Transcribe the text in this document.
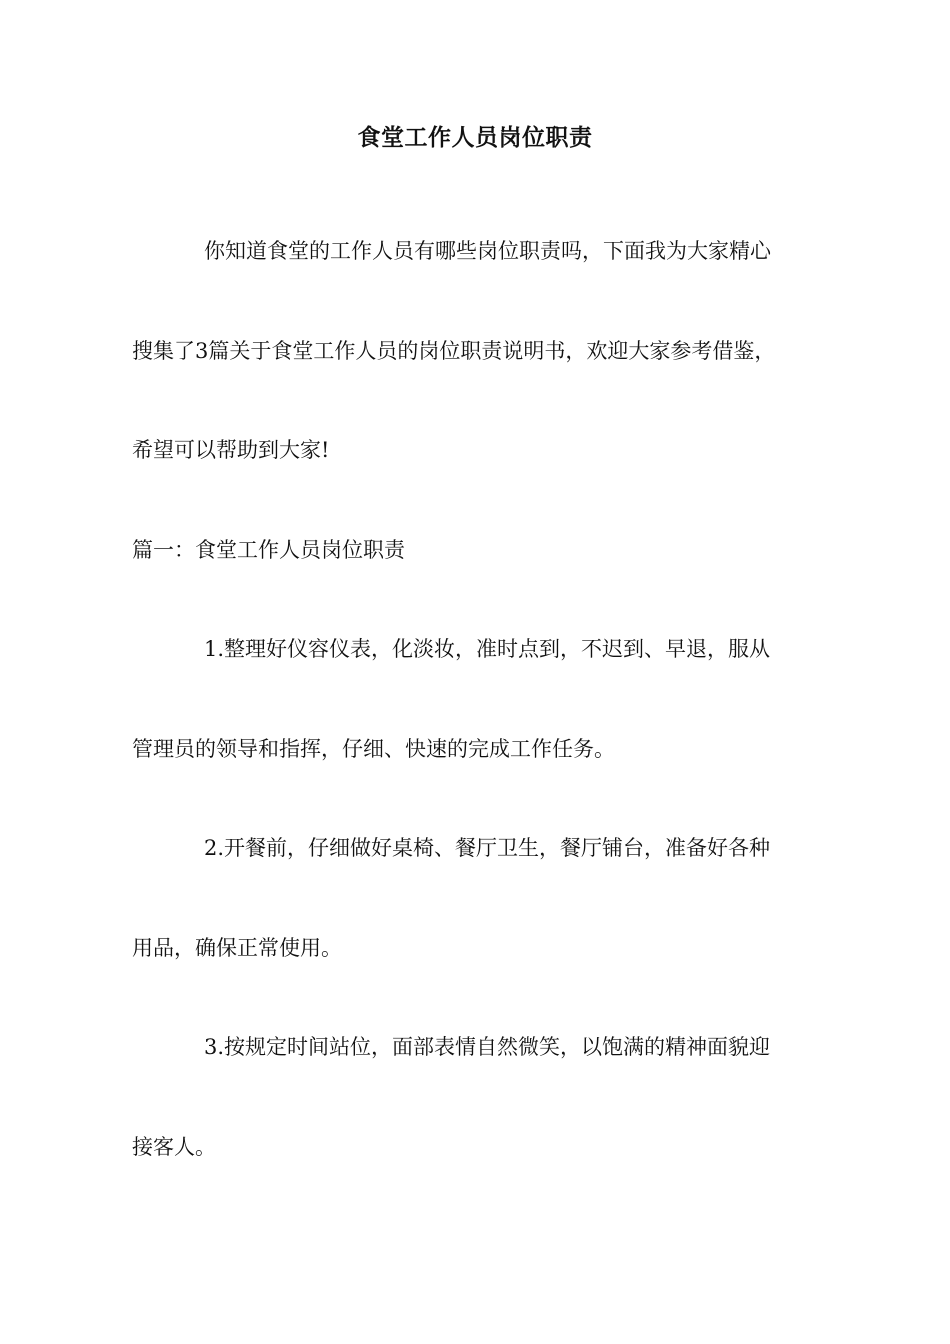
食堂工作人员岗位职责
你知道食堂的工作人员有哪些岗位职责吗，下面我为大家精心
搜集了3篇关于食堂工作人员的岗位职责说明书，欢迎大家参考借鉴，
希望可以帮助到大家!
篇一：食堂工作人员岗位职责
1.整理好仪容仪表，化淡妆，准时点到，不迟到、早退，服从
管理员的领导和指挥，仔细、快速的完成工作任务。
2.开餐前，仔细做好桌椅、餐厅卫生，餐厅铺台，准备好各种
用品，确保正常使用。
3.按规定时间站位，面部表情自然微笑，以饱满的精神面貌迎
接客人。
